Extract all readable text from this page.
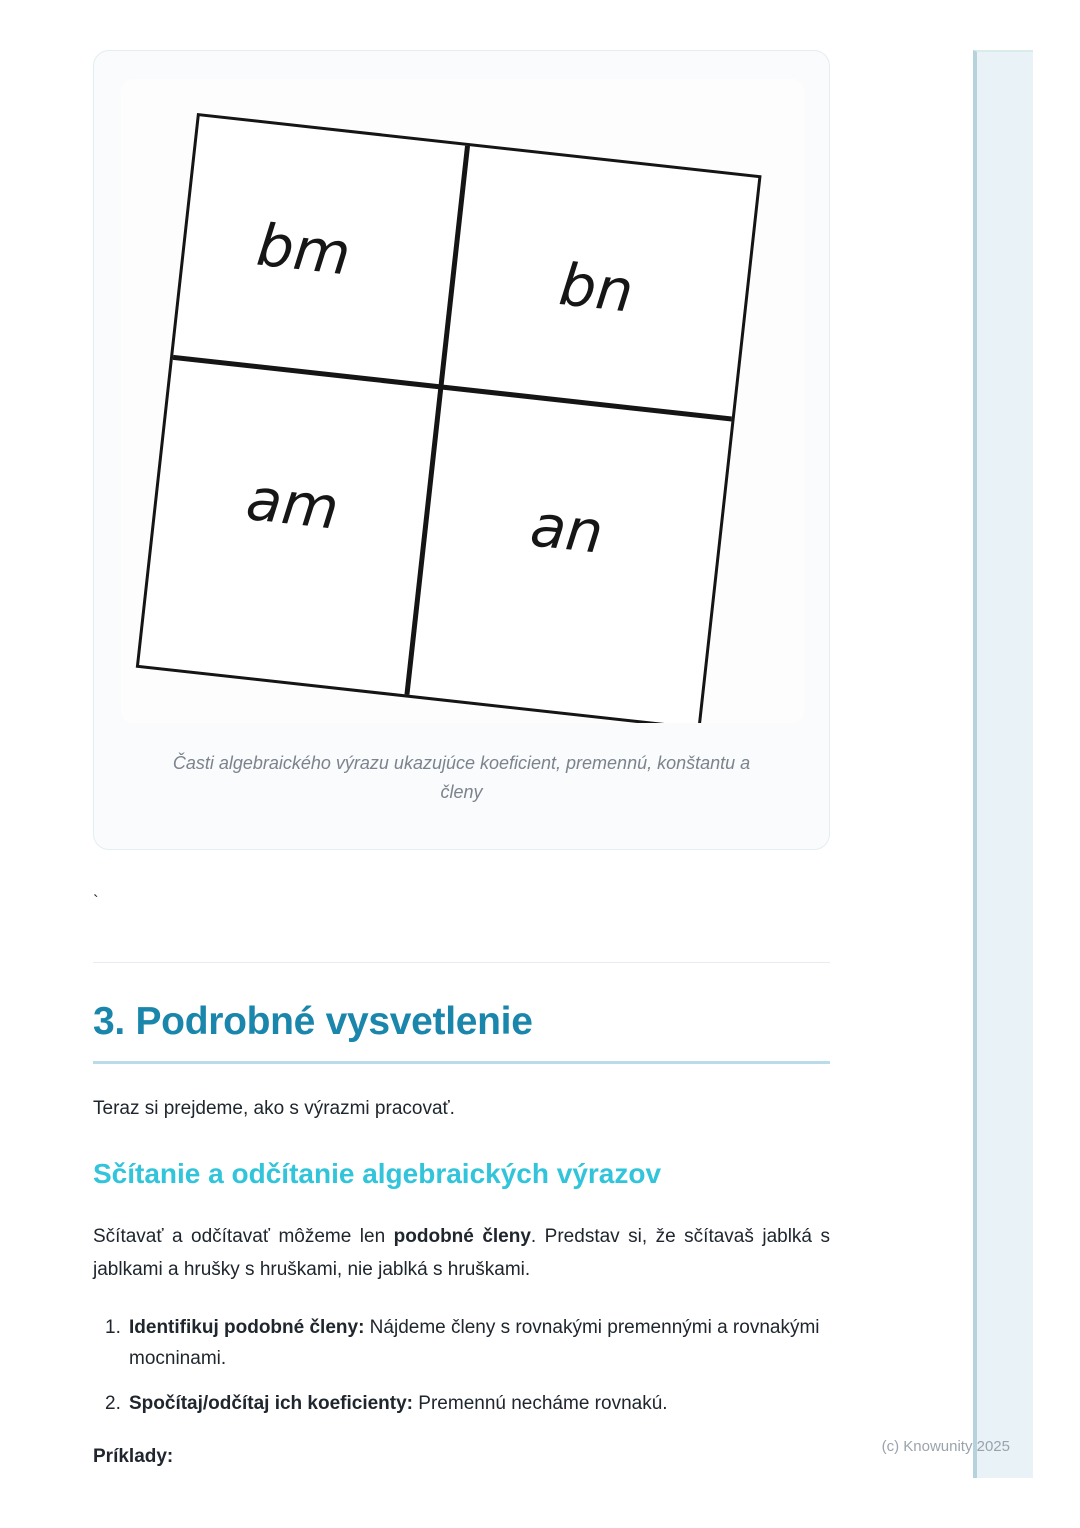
bm	bn
am	an
Časti algebraického výrazu ukazujúce koeficient, premennú, konštantu a členy
`
3. Podrobné vysvetlenie

Teraz si prejdeme, ako s výrazmi pracovať.

Sčítanie a odčítanie algebraických výrazov

Sčítavať a odčítavať môžeme len podobné členy. Predstav si, že sčítavaš jablká s jablkami a hrušky s hruškami, nie jablká s hruškami.

1. Identifikuj podobné členy: Nájdeme členy s rovnakými premennými a rovnakými mocninami.
2. Spočítaj/odčítaj ich koeficienty: Premennú necháme rovnakú.
Príklady:	(c) Knowunity 2025
